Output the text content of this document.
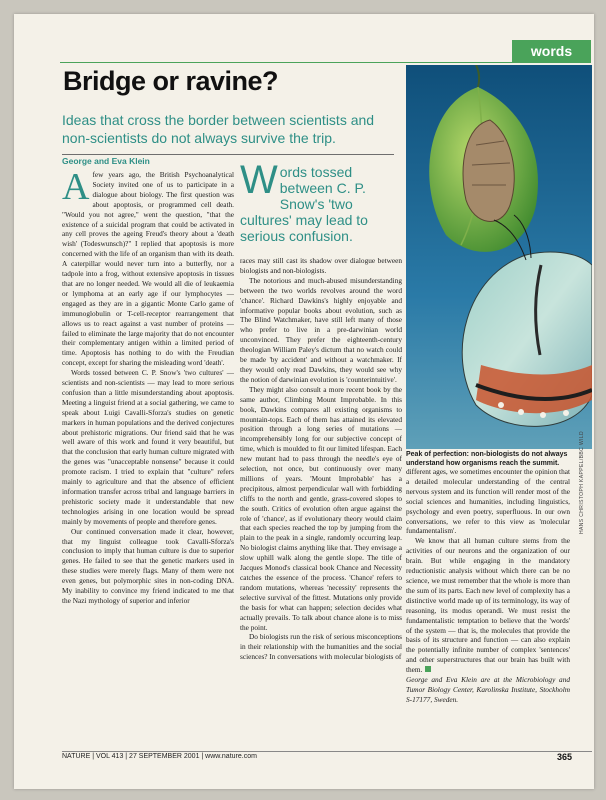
words
Bridge or ravine?

Ideas that cross the border between scientists and non-scientists do not always survive the trip.

George and Eva Klein

Afew years ago, the British Psychoanalytical Society invited one of us to participate in a dialogue about biology. The first question was about apoptosis, or programmed cell death. "Would you not agree," went the question, "that the existence of a suicidal program that could be activated in any cell proves the ageing Freud's theory about a 'death wish' (Todeswunsch)?" I replied that apoptosis is more concerned with the life of an organism than with its death. A caterpillar would never turn into a butterfly, nor a tadpole into a frog, without extensive apoptosis in tissues that are no longer needed. We would all die of leukaemia or lymphoma at an early age if our lymphocytes — engaged as they are in a gigantic Monte Carlo game of immunoglobulin or T-cell-receptor rearrangement that allows us to react against a vast number of proteins — failed to eliminate the large majority that do not encounter their complementary antigen within a limited period of time. Apoptosis has nothing to do with the Freudian concept, except for sharing the misleading word 'death'.

Words tossed between C. P. Snow's 'two cultures' — scientists and non-scientists — may lead to more serious confusion than a little misunderstanding about apoptosis. Meeting a linguist friend at a social gathering, we came to speak about Luigi Cavalli-Sforza's studies on genetic markers in human populations and the derived conjectures about prehistoric migrations. Our friend said that he was well aware of this work and found it very beautiful, but that the conclusion that early human culture migrated with the genes was "unacceptable nonsense" because it could promote racism. I tried to explain that "culture" refers mainly to agriculture and that the absence of efficient information transfer across tribal and language barriers in prehistoric society made it understandable that new technologies arising in one location would be spread mainly by movements of people and therefore genes.

Our continued conversation made it clear, however, that my linguist colleague took Cavalli-Sforza's conclusion to imply that human culture is due to superior genes. He failed to see that the genetic markers used in these studies were merely flags. Many of them were not even genes, but polymorphic sites in non-coding DNA. My inability to convince my friend indicated to me that the Nazi mythology of superior and inferior

Words tossed between C. P. Snow's 'two cultures' may lead to serious confusion.

races may still cast its shadow over dialogue between biologists and non-biologists.

The notorious and much-abused misunderstanding between the two worlds revolves around the word 'chance'. Richard Dawkins's highly enjoyable and informative popular books about evolution, such as The Blind Watchmaker, have still left many of those who prefer to live in a pre-darwinian world unconvinced. They prefer the eighteenth-century theologian William Paley's dictum that no watch could be made 'by accident' and without a watchmaker. If they would only read Dawkins, they would see why the notion of darwinian evolution is 'counterintuitive'.

They might also consult a more recent book by the same author, Climbing Mount Improbable. In this book, Dawkins compares all existing organisms to mountain-tops. Each of them has attained its elevated position through a long series of mutations — incomprehensibly long for our subjective concept of time, which is moulded to fit our limited lifespan. Each new mutant had to pass through the needle's eye of selection, not once, but continuously over many millions of years. 'Mount Improbable' has a precipitous, almost perpendicular wall with forbidding cliffs to the north and gentle, grass-covered slopes to the south. Critics of evolution often argue against the role of 'chance', as if evolutionary theory would claim that each species reached the top by jumping from the plain to the peak in a single, randomly occurring leap. No biologist claims anything like that. They envisage a slow uphill walk along the gentle slope. The title of Jacques Monod's classical book Chance and Necessity catches the essence of the process. 'Chance' refers to random mutations, whereas 'necessity' represents the selective survival of the fittest. Mutations only provide the basis for what can happen; selection decides what actually prevails. To talk about chance alone is to miss the point.

Do biologists run the risk of serious misconceptions in their relationship with the humanities and the social sciences? In conversations with molecular biologists of

Peak of perfection: non-biologists do not always understand how organisms reach the summit.	HANS CHRISTOPH KAPPEL/BBC WILD

different ages, we sometimes encounter the opinion that a detailed molecular understanding of the central nervous system and its function will render most of the social sciences and humanities, including linguistics, psychology and even poetry, superfluous. In our own conversations, we refer to this view as 'molecular fundamentalism'.

We know that all human culture stems from the activities of our neurons and the organization of our brain. But while engaging in the mandatory reductionistic analysis without which there can be no science, we must remember that the whole is more than the sum of its parts. Each new level of complexity has a distinctive world made up of its terminology, its way of reasoning, its modus operandi. We must resist the fundamentalistic temptation to believe that the 'words' of the system — that is, the molecules that provide the basis of its structure and function — can also explain the potentially infinite number of complex 'sentences' and other superstructures that our brain has built with them.

George and Eva Klein are at the Microbiology and Tumor Biology Center, Karolinska Institute, Stockholm S-17177, Sweden.

NATURE | VOL 413 | 27 SEPTEMBER 2001 | www.nature.com	365
